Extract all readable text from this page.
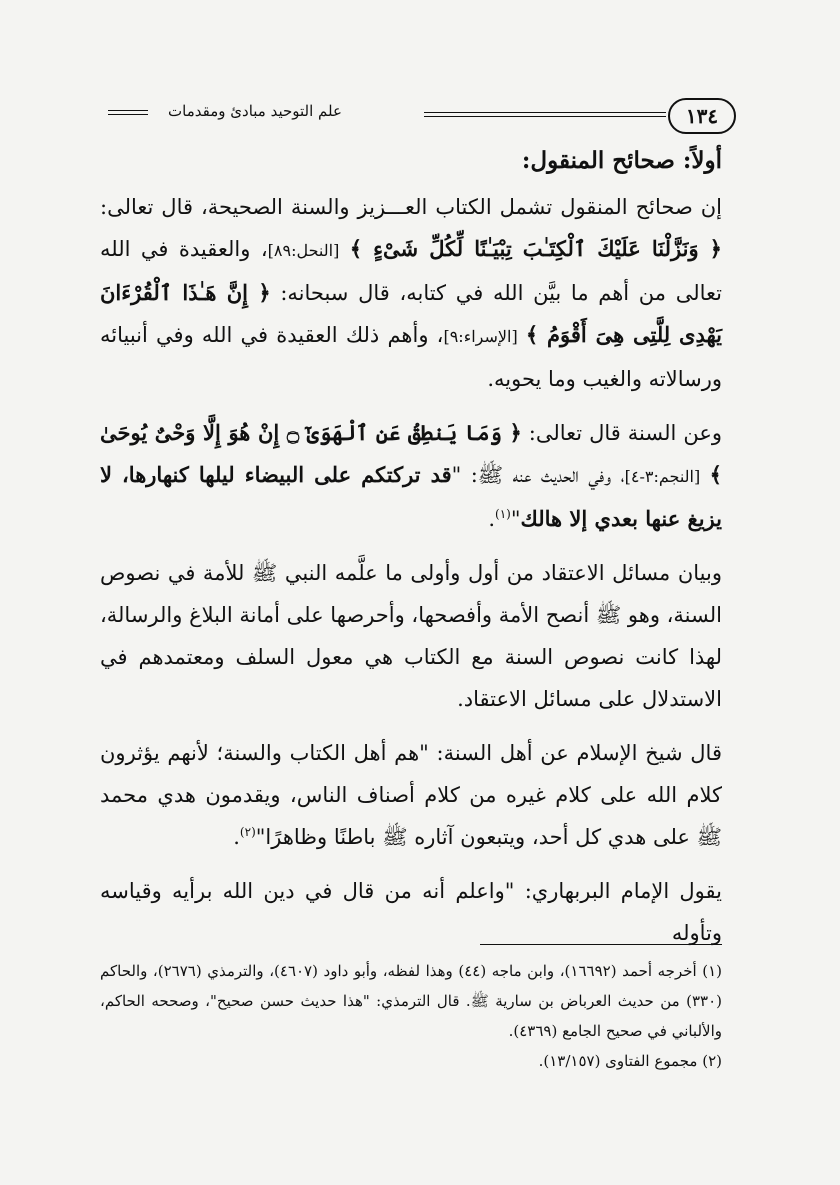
١٣٤
علم التوحيد مبادئ ومقدمات
أولاً: صحائح المنقول:

إن صحائح المنقول تشمل الكتاب العـــزيز والسنة الصحيحة، قال تعالى: ﴿ وَنَزَّلْنَا عَلَيْكَ ٱلْكِتَـٰبَ تِبْيَـٰنًا لِّكُلِّ شَىْءٍ ﴾ [النحل:٨٩]، والعقيدة في الله تعالى من أهم ما بيَّن الله في كتابه، قال سبحانه: ﴿ إِنَّ هَـٰذَا ٱلْقُرْءَانَ يَهْدِى لِلَّتِى هِىَ أَقْوَمُ ﴾ [الإسراء:٩]، وأهم ذلك العقيدة في الله وفي أنبيائه ورسالاته والغيب وما يحويه.

وعن السنة قال تعالى: ﴿ وَمَا يَنطِقُ عَنِ ٱلْهَوَىٰٓ ۝ إِنْ هُوَ إِلَّا وَحْىٌ يُوحَىٰ ﴾ [النجم:٣-٤]، وفي الحديث عنه ﷺ: "قد تركتكم على البيضاء ليلها كنهارها، لا يزيغ عنها بعدي إلا هالك"$^{(١)}$.

وبيان مسائل الاعتقاد من أول وأولى ما علَّمه النبي ﷺ للأمة في نصوص السنة، وهو ﷺ أنصح الأمة وأفصحها، وأحرصها على أمانة البلاغ والرسالة، لهذا كانت نصوص السنة مع الكتاب هي معول السلف ومعتمدهم في الاستدلال على مسائل الاعتقاد.

قال شيخ الإسلام عن أهل السنة: "هم أهل الكتاب والسنة؛ لأنهم يؤثرون كلام الله على كلام غيره من كلام أصناف الناس، ويقدمون هدي محمد ﷺ على هدي كل أحد، ويتبعون آثاره ﷺ باطنًا وظاهرًا"$^{(٢)}$.

يقول الإمام البربهاري: "واعلم أنه من قال في دين الله برأيه وقياسه وتأوله

(١) أخرجه أحمد (١٦٦٩٢)، وابن ماجه (٤٤) وهذا لفظه، وأبو داود (٤٦٠٧)، والترمذي (٢٦٧٦)، والحاكم (٣٣٠) من حديث العرباض بن سارية ﷺ. قال الترمذي: "هذا حديث حسن صحيح"، وصححه الحاكم، والألباني في صحيح الجامع (٤٣٦٩).
(٢) مجموع الفتاوى (١٣/١٥٧).
